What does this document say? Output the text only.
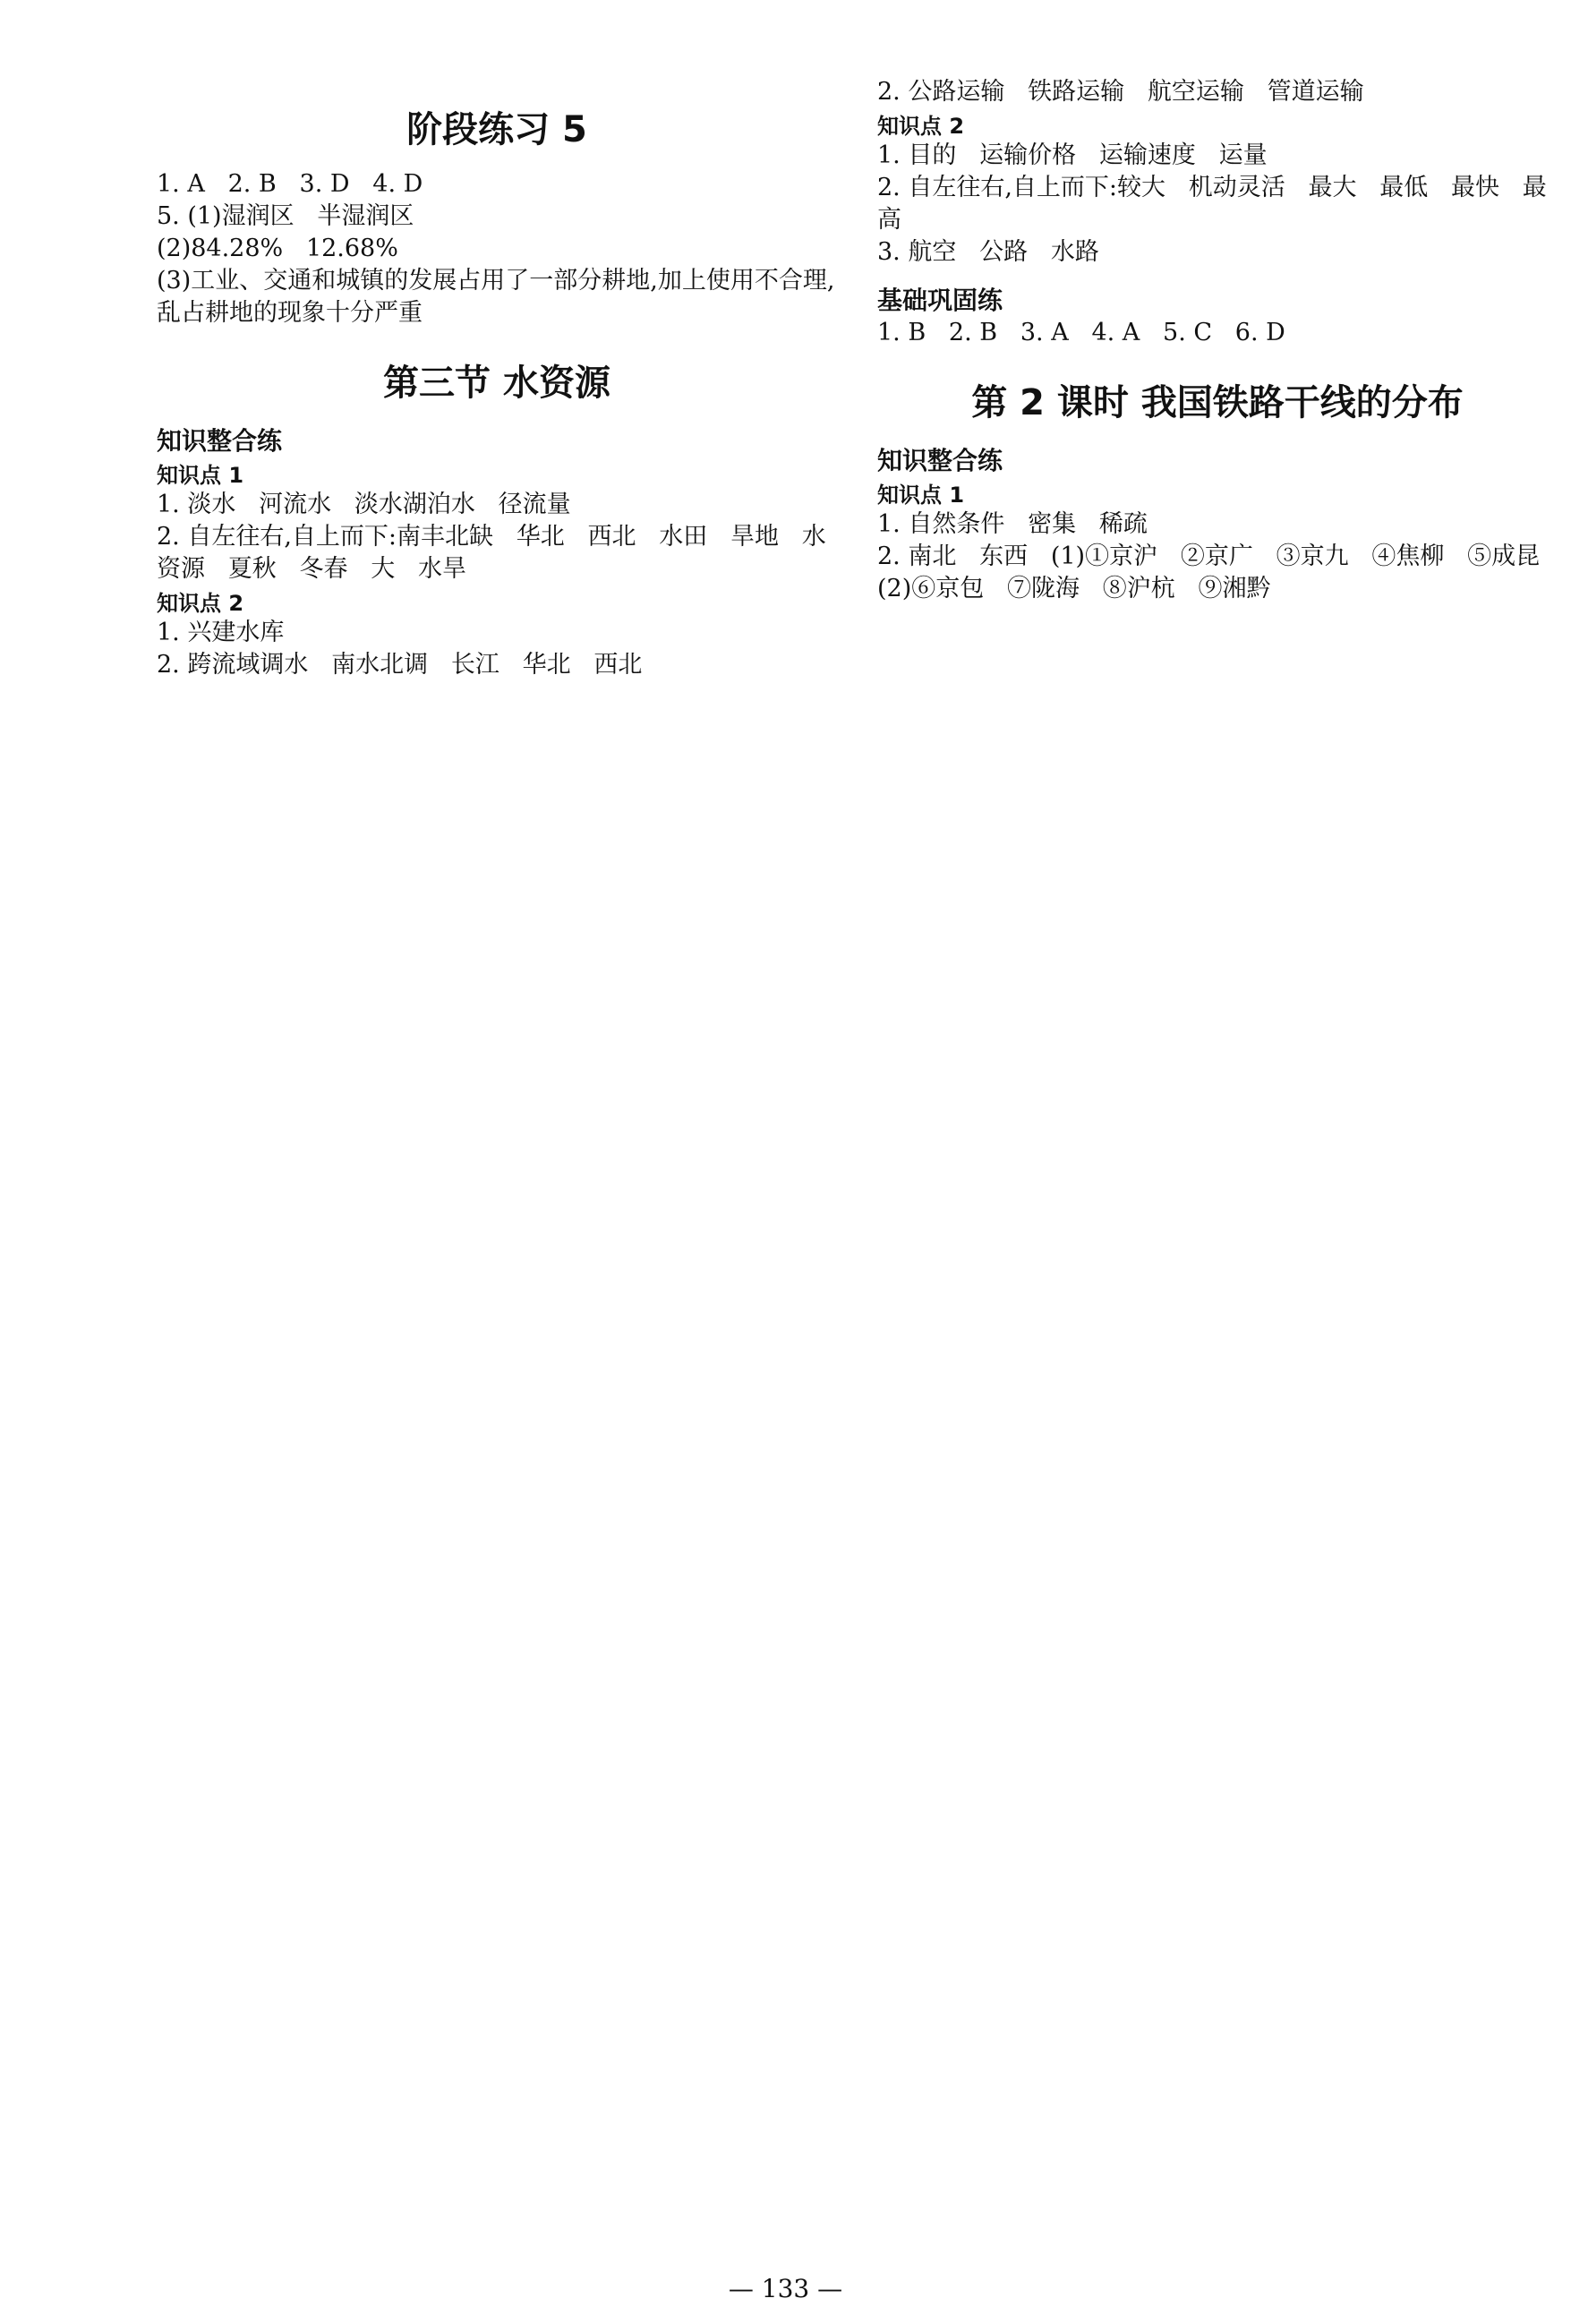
阶段练习 5
1. A   2. B   3. D   4. D
5. (1)湿润区   半湿润区
(2)84.28%   12.68%
(3)工业、交通和城镇的发展占用了一部分耕地,加上使用不合理,乱占耕地的现象十分严重
第三节 水资源
知识整合练
知识点 1
1. 淡水   河流水   淡水湖泊水   径流量
2. 自左往右,自上而下:南丰北缺   华北   西北   水田   旱地   水资源   夏秋   冬春   大   水旱
知识点 2
1. 兴建水库
2. 跨流域调水   南水北调   长江   华北   西北
2. 公路运输   铁路运输   航空运输   管道运输
知识点 2
1. 目的   运输价格   运输速度   运量
2. 自左往右,自上而下:较大   机动灵活   最大   最低   最快   最高
3. 航空   公路   水路
基础巩固练
1. B   2. B   3. A   4. A   5. C   6. D
第 2 课时 我国铁路干线的分布
知识整合练
知识点 1
1. 自然条件   密集   稀疏
2. 南北   东西   (1)①京沪   ②京广   ③京九   ④焦柳   ⑤成昆   (2)⑥京包   ⑦陇海   ⑧沪杭   ⑨湘黔
— 133 —
